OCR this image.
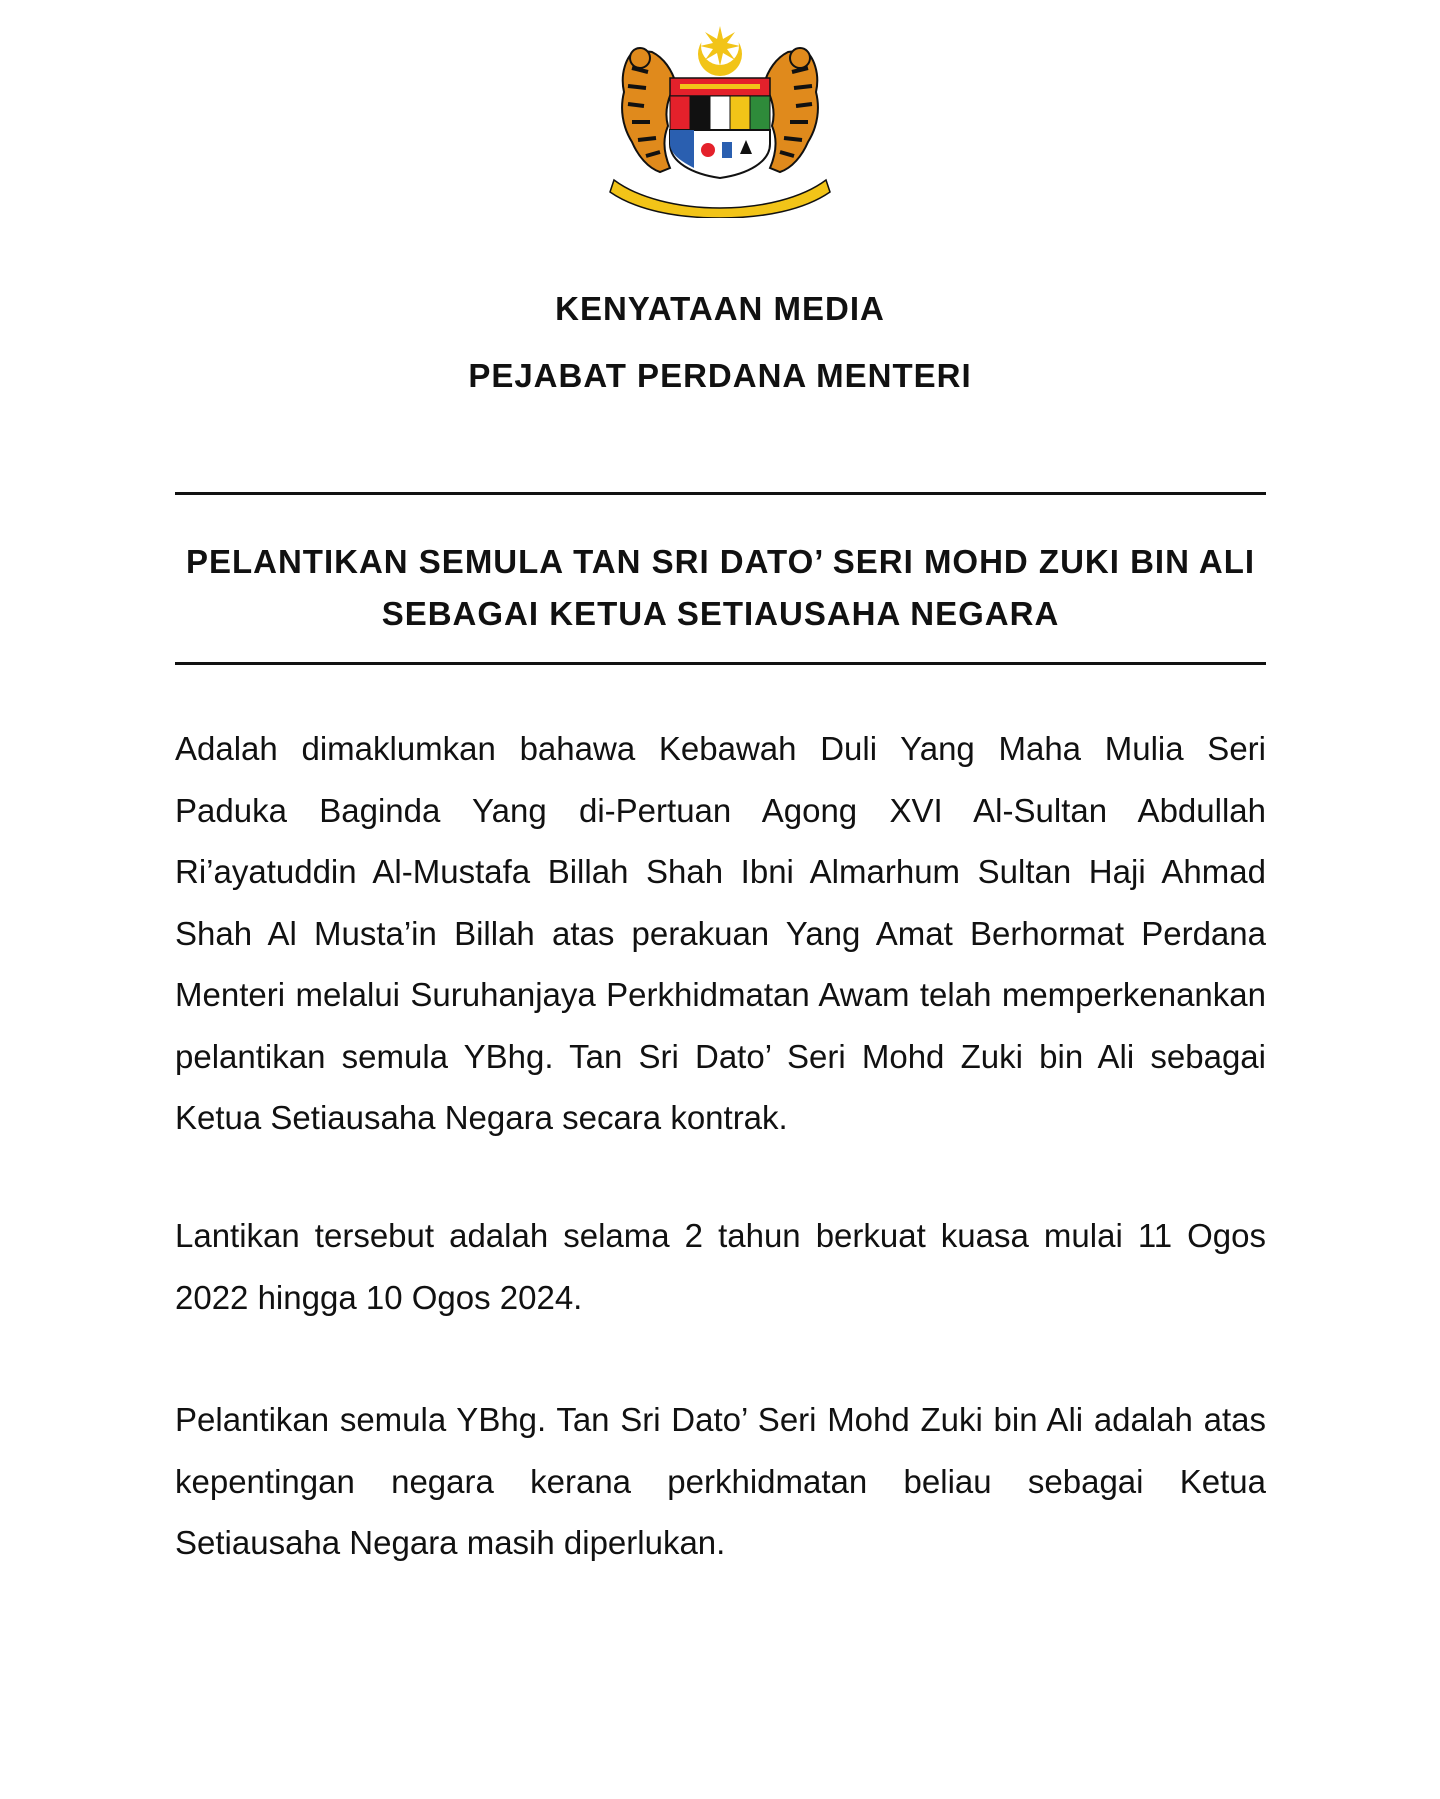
KENYATAAN MEDIA
PEJABAT PERDANA MENTERI
PELANTIKAN SEMULA TAN SRI DATO’ SERI MOHD ZUKI BIN ALI
SEBAGAI KETUA SETIAUSAHA NEGARA

Adalah dimaklumkan bahawa Kebawah Duli Yang Maha Mulia Seri Paduka Baginda Yang di-Pertuan Agong XVI Al-Sultan Abdullah Ri’ayatuddin Al-Mustafa Billah Shah Ibni Almarhum Sultan Haji Ahmad Shah Al Musta’in Billah atas perakuan Yang Amat Berhormat Perdana Menteri melalui Suruhanjaya Perkhidmatan Awam telah memperkenankan pelantikan semula YBhg. Tan Sri Dato’ Seri Mohd Zuki bin Ali sebagai Ketua Setiausaha Negara secara kontrak.

Lantikan tersebut adalah selama 2 tahun berkuat kuasa mulai 11 Ogos 2022 hingga 10 Ogos 2024.

Pelantikan semula YBhg. Tan Sri Dato’ Seri Mohd Zuki bin Ali adalah atas kepentingan negara kerana perkhidmatan beliau sebagai Ketua Setiausaha Negara masih diperlukan.
